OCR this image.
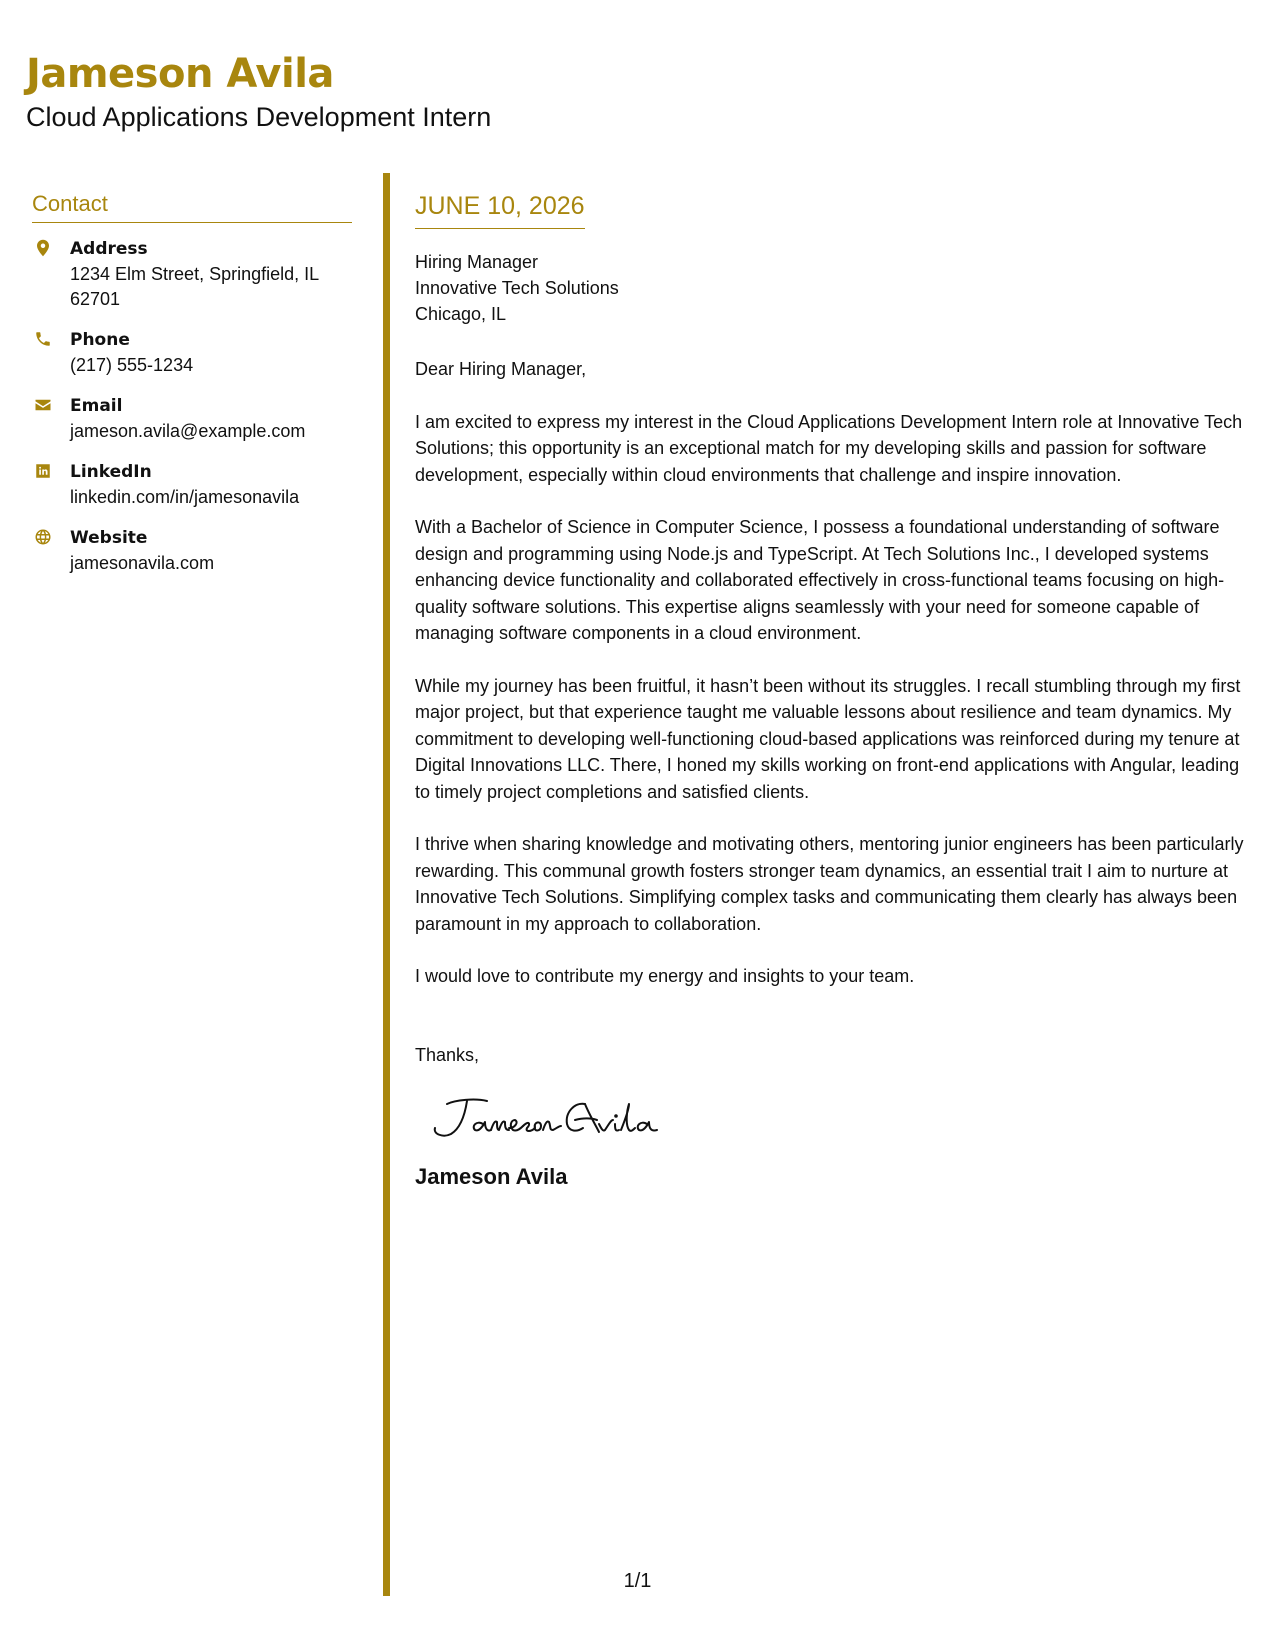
Jameson Avila
Cloud Applications Development Intern
Contact
Address
1234 Elm Street, Springfield, IL 62701
Phone
(217) 555-1234
Email
jameson.avila@example.com
LinkedIn
linkedin.com/in/jamesonavila
Website
jamesonavila.com
JUNE 10, 2026
Hiring Manager
Innovative Tech Solutions
Chicago, IL
Dear Hiring Manager,

I am excited to express my interest in the Cloud Applications Development Intern role at Innovative Tech Solutions; this opportunity is an exceptional match for my developing skills and passion for software development, especially within cloud environments that challenge and inspire innovation.

With a Bachelor of Science in Computer Science, I possess a foundational understanding of software design and programming using Node.js and TypeScript. At Tech Solutions Inc., I developed systems enhancing device functionality and collaborated effectively in cross-functional teams focusing on high-quality software solutions. This expertise aligns seamlessly with your need for someone capable of managing software components in a cloud environment.

While my journey has been fruitful, it hasn’t been without its struggles. I recall stumbling through my first major project, but that experience taught me valuable lessons about resilience and team dynamics. My commitment to developing well-functioning cloud-based applications was reinforced during my tenure at Digital Innovations LLC. There, I honed my skills working on front-end applications with Angular, leading to timely project completions and satisfied clients.

I thrive when sharing knowledge and motivating others, mentoring junior engineers has been particularly rewarding. This communal growth fosters stronger team dynamics, an essential trait I aim to nurture at Innovative Tech Solutions. Simplifying complex tasks and communicating them clearly has always been paramount in my approach to collaboration.

I would love to contribute my energy and insights to your team.

Thanks,
Jameson Avila
1/1
